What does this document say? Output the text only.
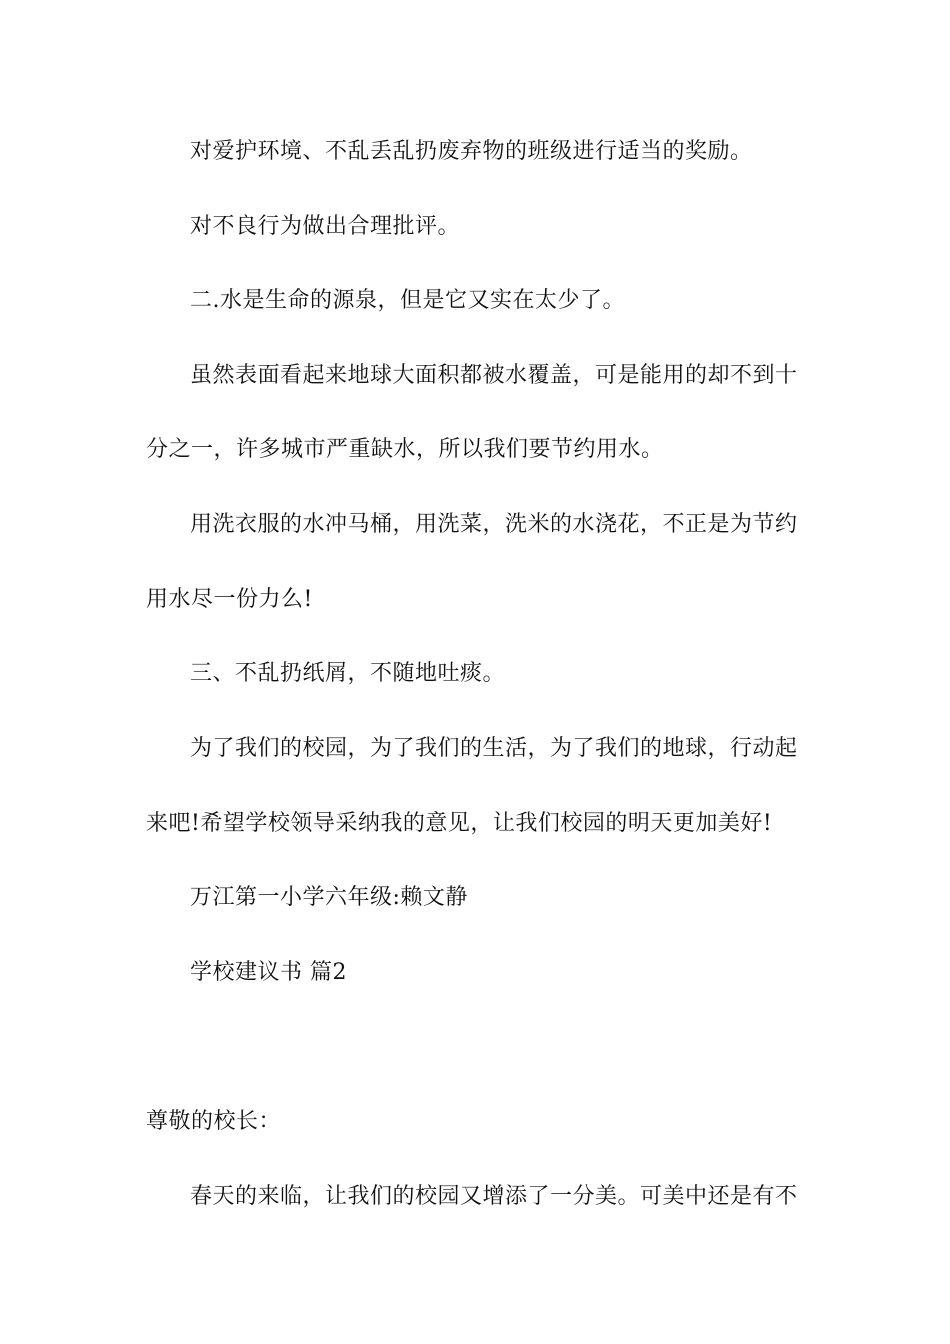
对爱护环境、不乱丢乱扔废弃物的班级进行适当的奖励。
对不良行为做出合理批评。
二.水是生命的源泉，但是它又实在太少了。
虽然表面看起来地球大面积都被水覆盖，可是能用的却不到十
分之一，许多城市严重缺水，所以我们要节约用水。
用洗衣服的水冲马桶，用洗菜，洗米的水浇花，不正是为节约
用水尽一份力么!
三、不乱扔纸屑，不随地吐痰。
为了我们的校园，为了我们的生活，为了我们的地球，行动起
来吧!希望学校领导采纳我的意见，让我们校园的明天更加美好!
万江第一小学六年级:赖文静
学校建议书 篇2
尊敬的校长：
春天的来临，让我们的校园又增添了一分美。可美中还是有不
